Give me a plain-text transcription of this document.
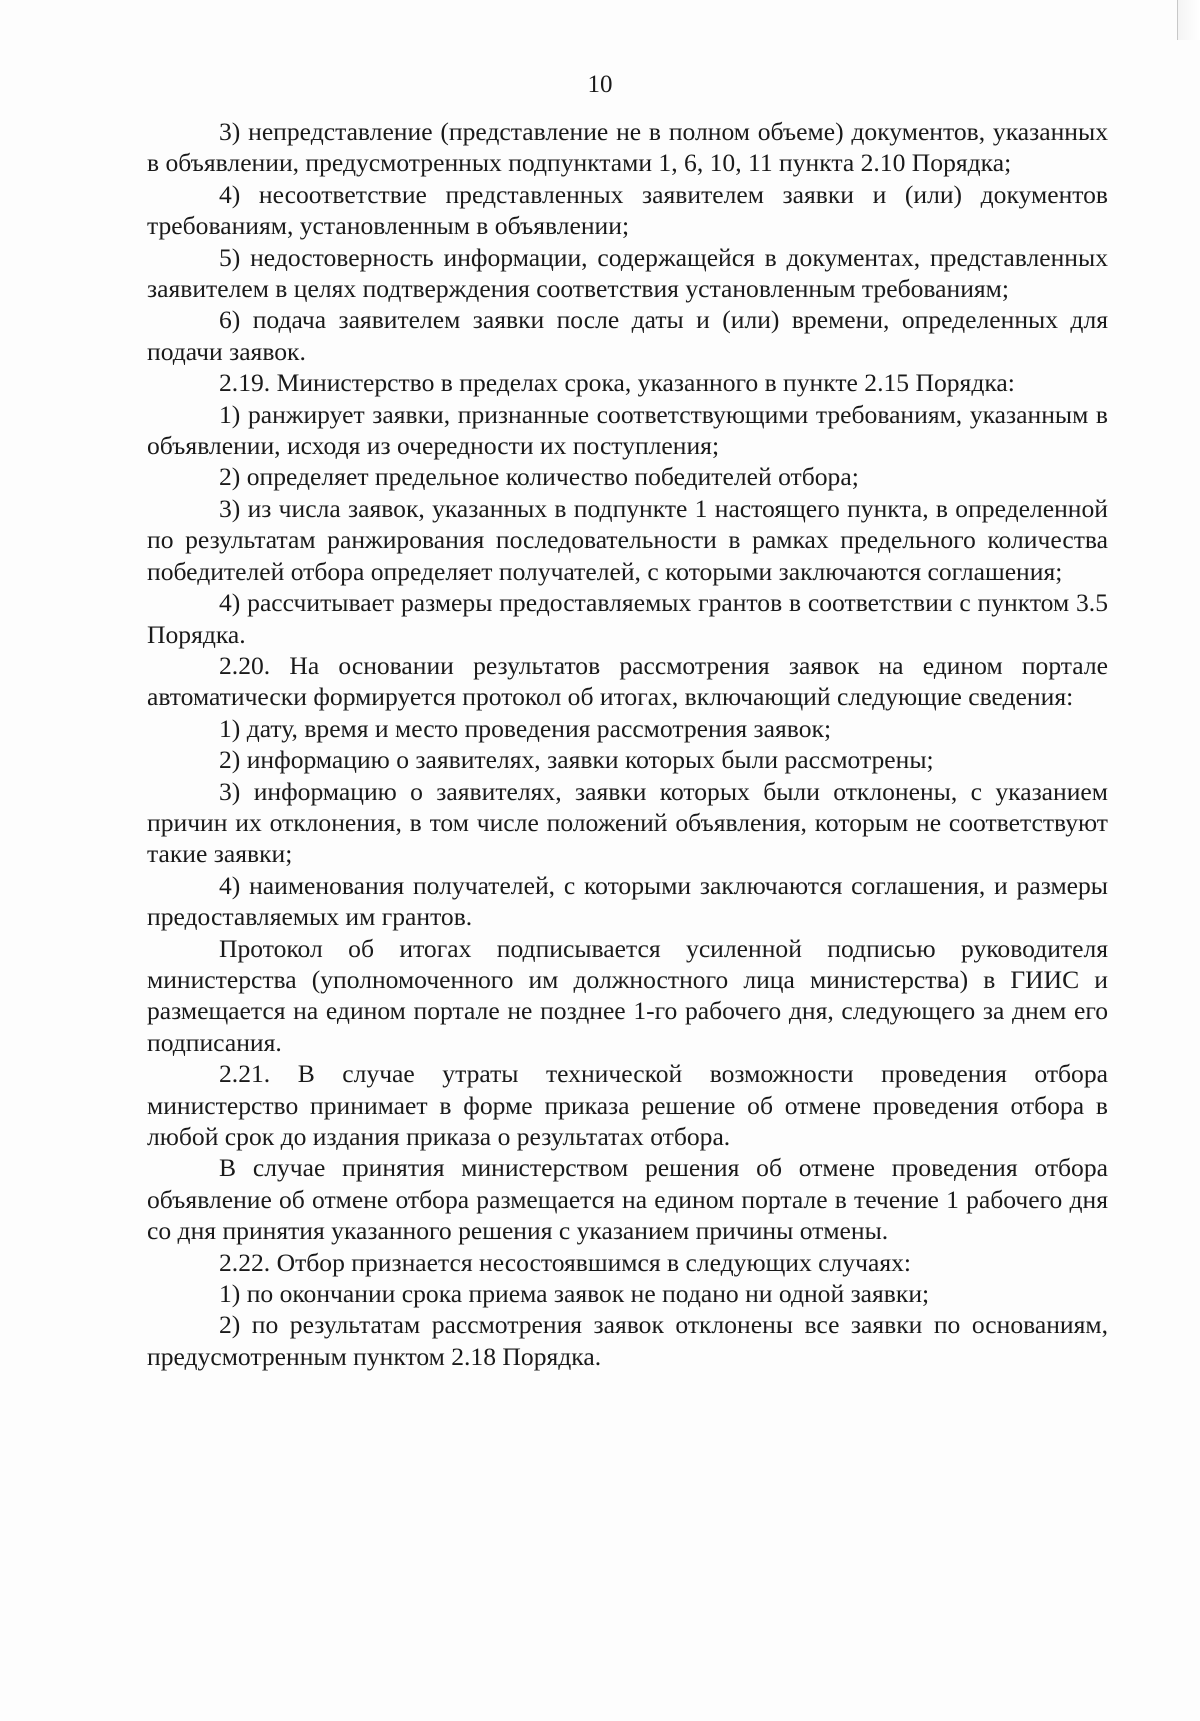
10

3) непредставление (представление не в полном объеме) документов, указанных в объявлении, предусмотренных подпунктами 1, 6, 10, 11 пункта 2.10 Порядка;

4) несоответствие представленных заявителем заявки и (или) документов требованиям, установленным в объявлении;

5) недостоверность информации, содержащейся в документах, представленных заявителем в целях подтверждения соответствия установленным требованиям;

6) подача заявителем заявки после даты и (или) времени, определенных для подачи заявок.

2.19. Министерство в пределах срока, указанного в пункте 2.15 Порядка:

1) ранжирует заявки, признанные соответствующими требованиям, указанным в объявлении, исходя из очередности их поступления;

2) определяет предельное количество победителей отбора;

3) из числа заявок, указанных в подпункте 1 настоящего пункта, в определенной по результатам ранжирования последовательности в рамках предельного количества победителей отбора определяет получателей, с которыми заключаются соглашения;

4) рассчитывает размеры предоставляемых грантов в соответствии с пунктом 3.5 Порядка.

2.20. На основании результатов рассмотрения заявок на едином портале автоматически формируется протокол об итогах, включающий следующие сведения:

1) дату, время и место проведения рассмотрения заявок;

2) информацию о заявителях, заявки которых были рассмотрены;

3) информацию о заявителях, заявки которых были отклонены, с указанием причин их отклонения, в том числе положений объявления, которым не соответствуют такие заявки;

4) наименования получателей, с которыми заключаются соглашения, и размеры предоставляемых им грантов.

Протокол об итогах подписывается усиленной подписью руководителя министерства (уполномоченного им должностного лица министерства) в ГИИС и размещается на едином портале не позднее 1-го рабочего дня, следующего за днем его подписания.

2.21. В случае утраты технической возможности проведения отбора министерство принимает в форме приказа решение об отмене проведения отбора в любой срок до издания приказа о результатах отбора.

В случае принятия министерством решения об отмене проведения отбора объявление об отмене отбора размещается на едином портале в течение 1 рабочего дня со дня принятия указанного решения с указанием причины отмены.

2.22. Отбор признается несостоявшимся в следующих случаях:

1) по окончании срока приема заявок не подано ни одной заявки;

2) по результатам рассмотрения заявок отклонены все заявки по основаниям, предусмотренным пунктом 2.18 Порядка.
